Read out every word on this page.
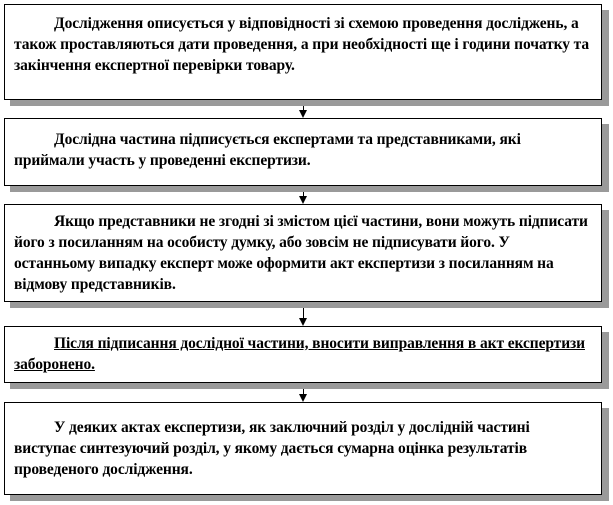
Дослідження описується у відповідності зі схемою проведення досліджень, а також проставляються дати проведення, а при необхідності ще і години початку та закінчення експертної перевірки товару.
Дослідна частина підписується експертами та представниками, які приймали участь у проведенні експертизи.
Якщо представники не згодні зі змістом цієї частини, вони можуть підписати його з посиланням на особисту думку, або зовсім не підписувати його. У останньому випадку експерт може оформити акт експертизи з посиланням на відмову представників.
Після підписання дослідної частини, вносити виправлення в акт експертизи заборонено.
У деяких актах експертизи, як заключний розділ у дослідній частині виступає синтезуючий розділ, у якому дається сумарна оцінка результатів проведеного дослідження.
